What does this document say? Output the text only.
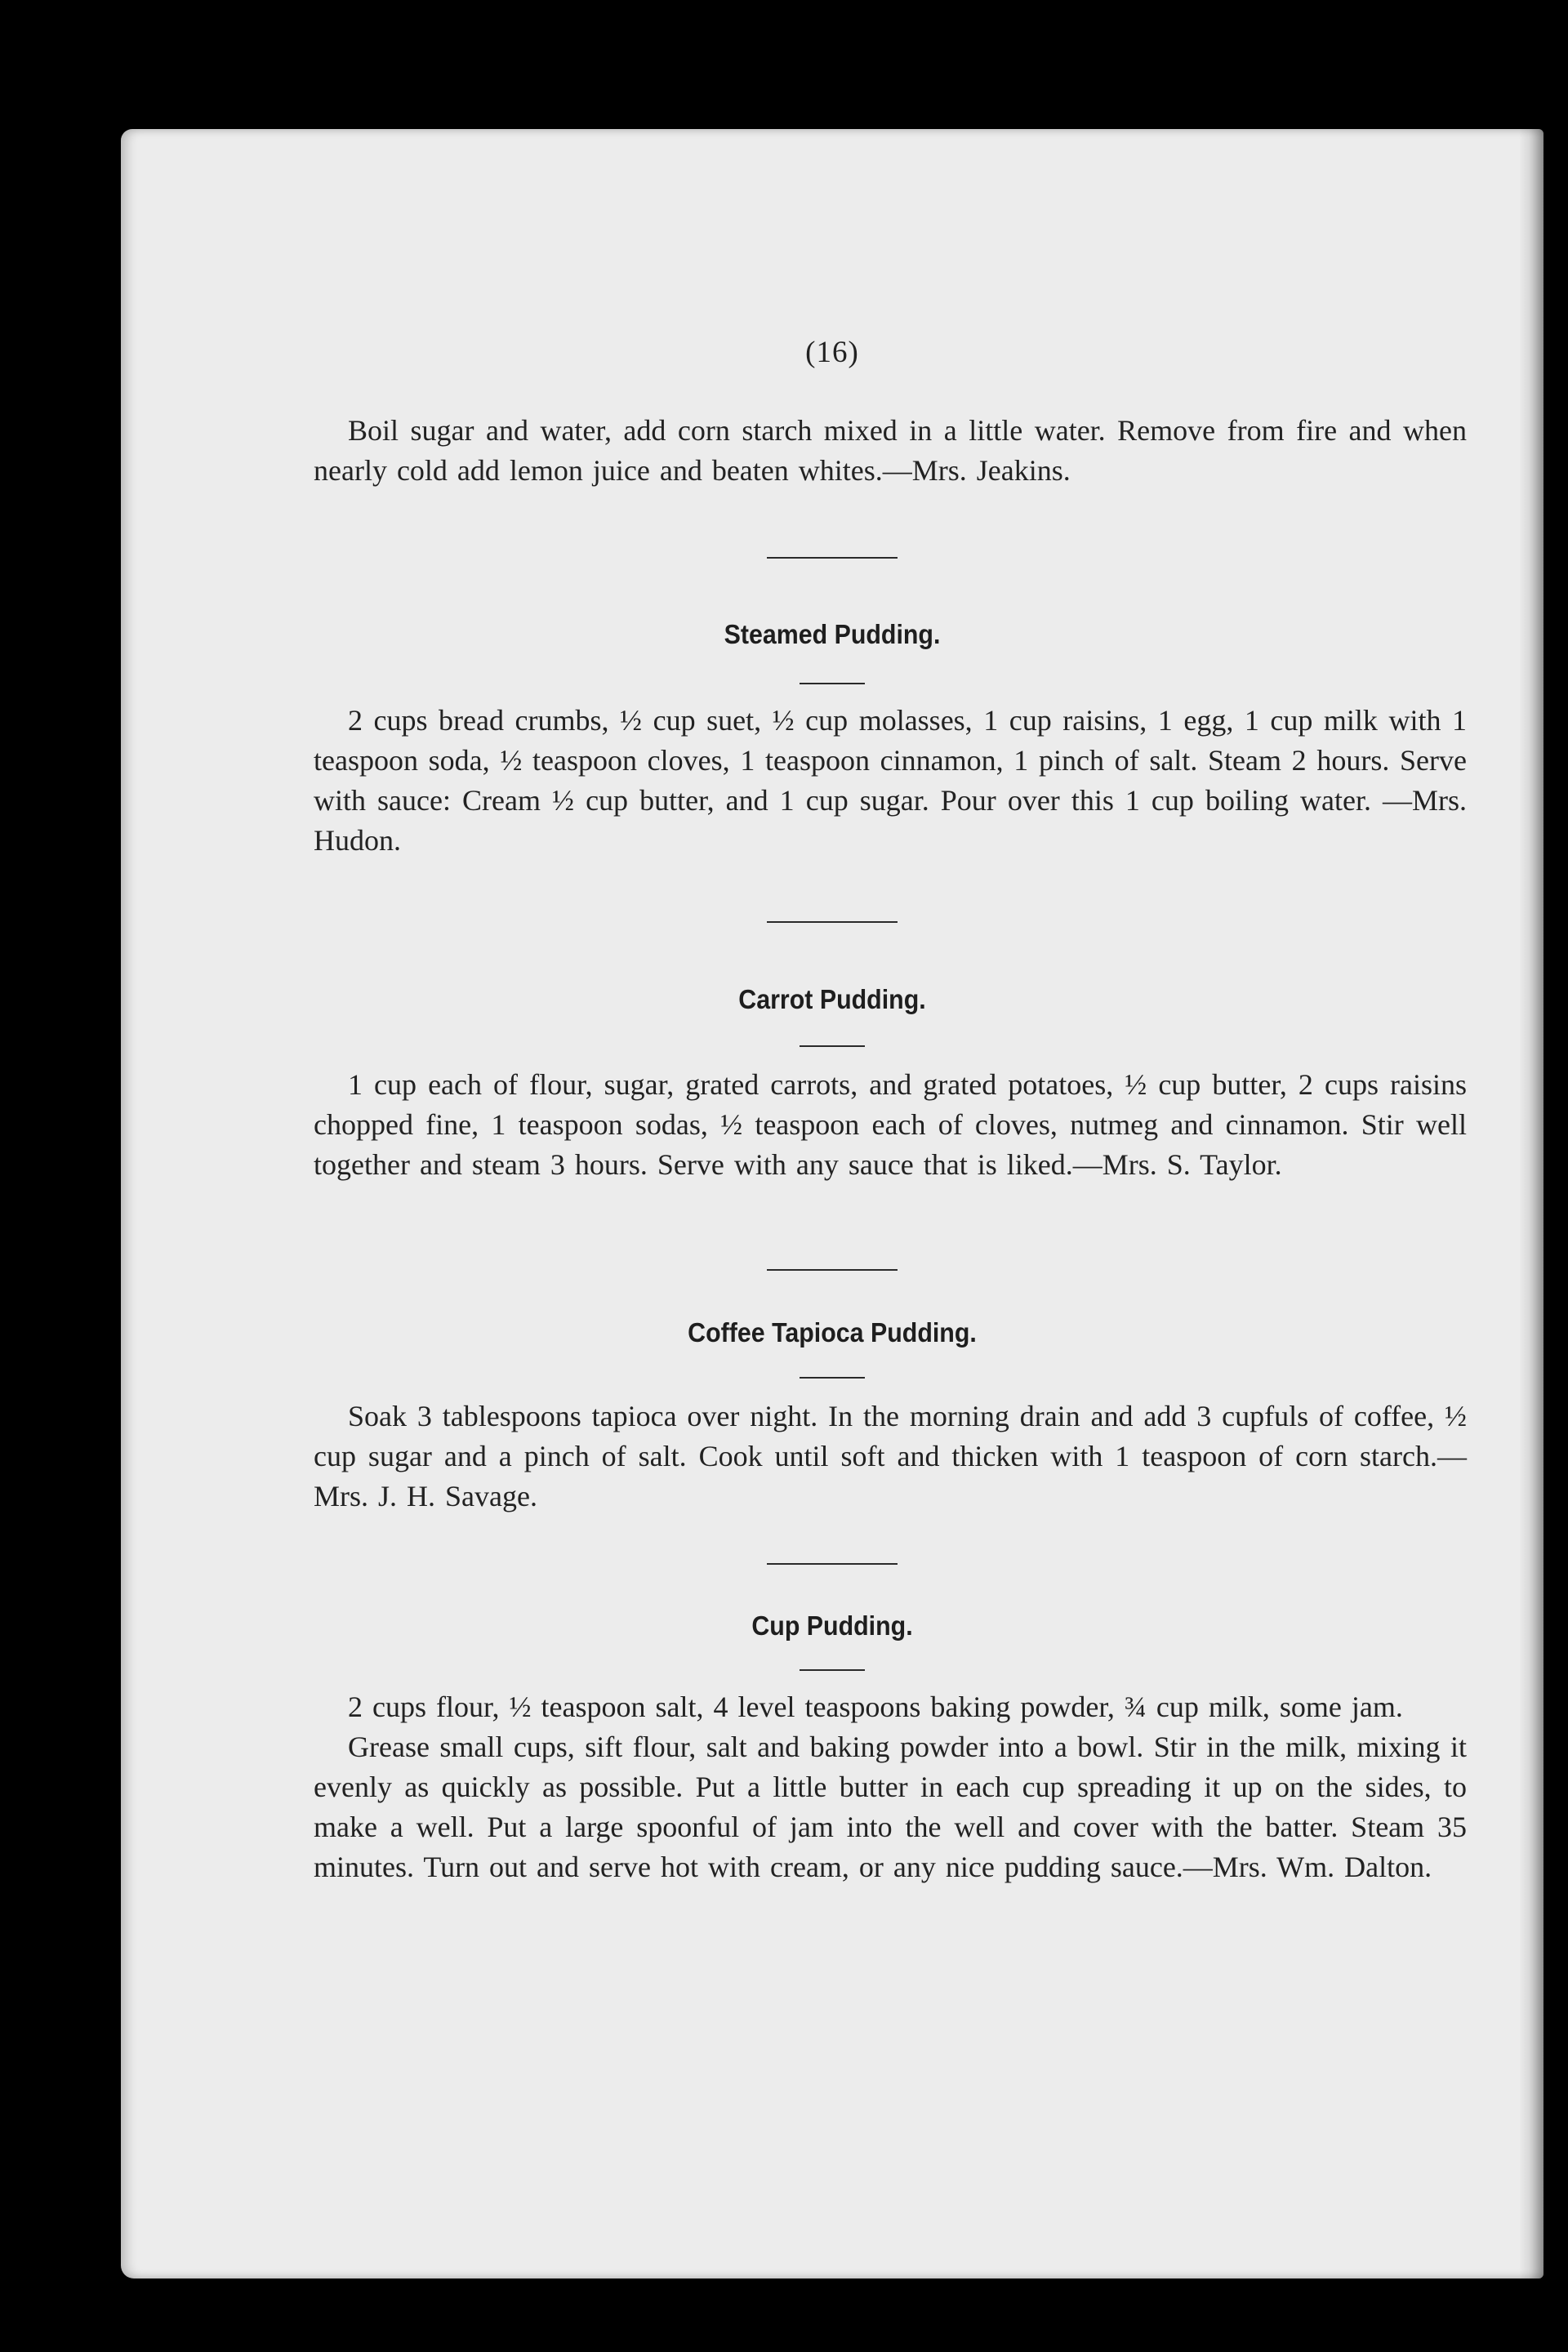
(16)

Boil sugar and water, add corn starch mixed in a little water. Remove from fire and when nearly cold add lemon juice and beaten whites.—Mrs. Jeakins.

Steamed Pudding.

2 cups bread crumbs, ½ cup suet, ½ cup molasses, 1 cup raisins, 1 egg, 1 cup milk with 1 teaspoon soda, ½ teaspoon cloves, 1 teaspoon cinnamon, 1 pinch of salt. Steam 2 hours. Serve with sauce: Cream ½ cup butter, and 1 cup sugar. Pour over this 1 cup boiling water. —Mrs. Hudon.

Carrot Pudding.

1 cup each of flour, sugar, grated carrots, and grated potatoes, ½ cup butter, 2 cups raisins chopped fine, 1 teaspoon sodas, ½ teaspoon each of cloves, nutmeg and cinnamon. Stir well together and steam 3 hours. Serve with any sauce that is liked.—Mrs. S. Taylor.

Coffee Tapioca Pudding.

Soak 3 tablespoons tapioca over night. In the morning drain and add 3 cupfuls of coffee, ½ cup sugar and a pinch of salt. Cook until soft and thicken with 1 teaspoon of corn starch.—Mrs. J. H. Savage.

Cup Pudding.

2 cups flour, ½ teaspoon salt, 4 level teaspoons baking powder, ¾ cup milk, some jam.

Grease small cups, sift flour, salt and baking powder into a bowl. Stir in the milk, mixing it evenly as quickly as possible. Put a little butter in each cup spreading it up on the sides, to make a well. Put a large spoonful of jam into the well and cover with the batter. Steam 35 minutes. Turn out and serve hot with cream, or any nice pudding sauce.—Mrs. Wm. Dalton.
